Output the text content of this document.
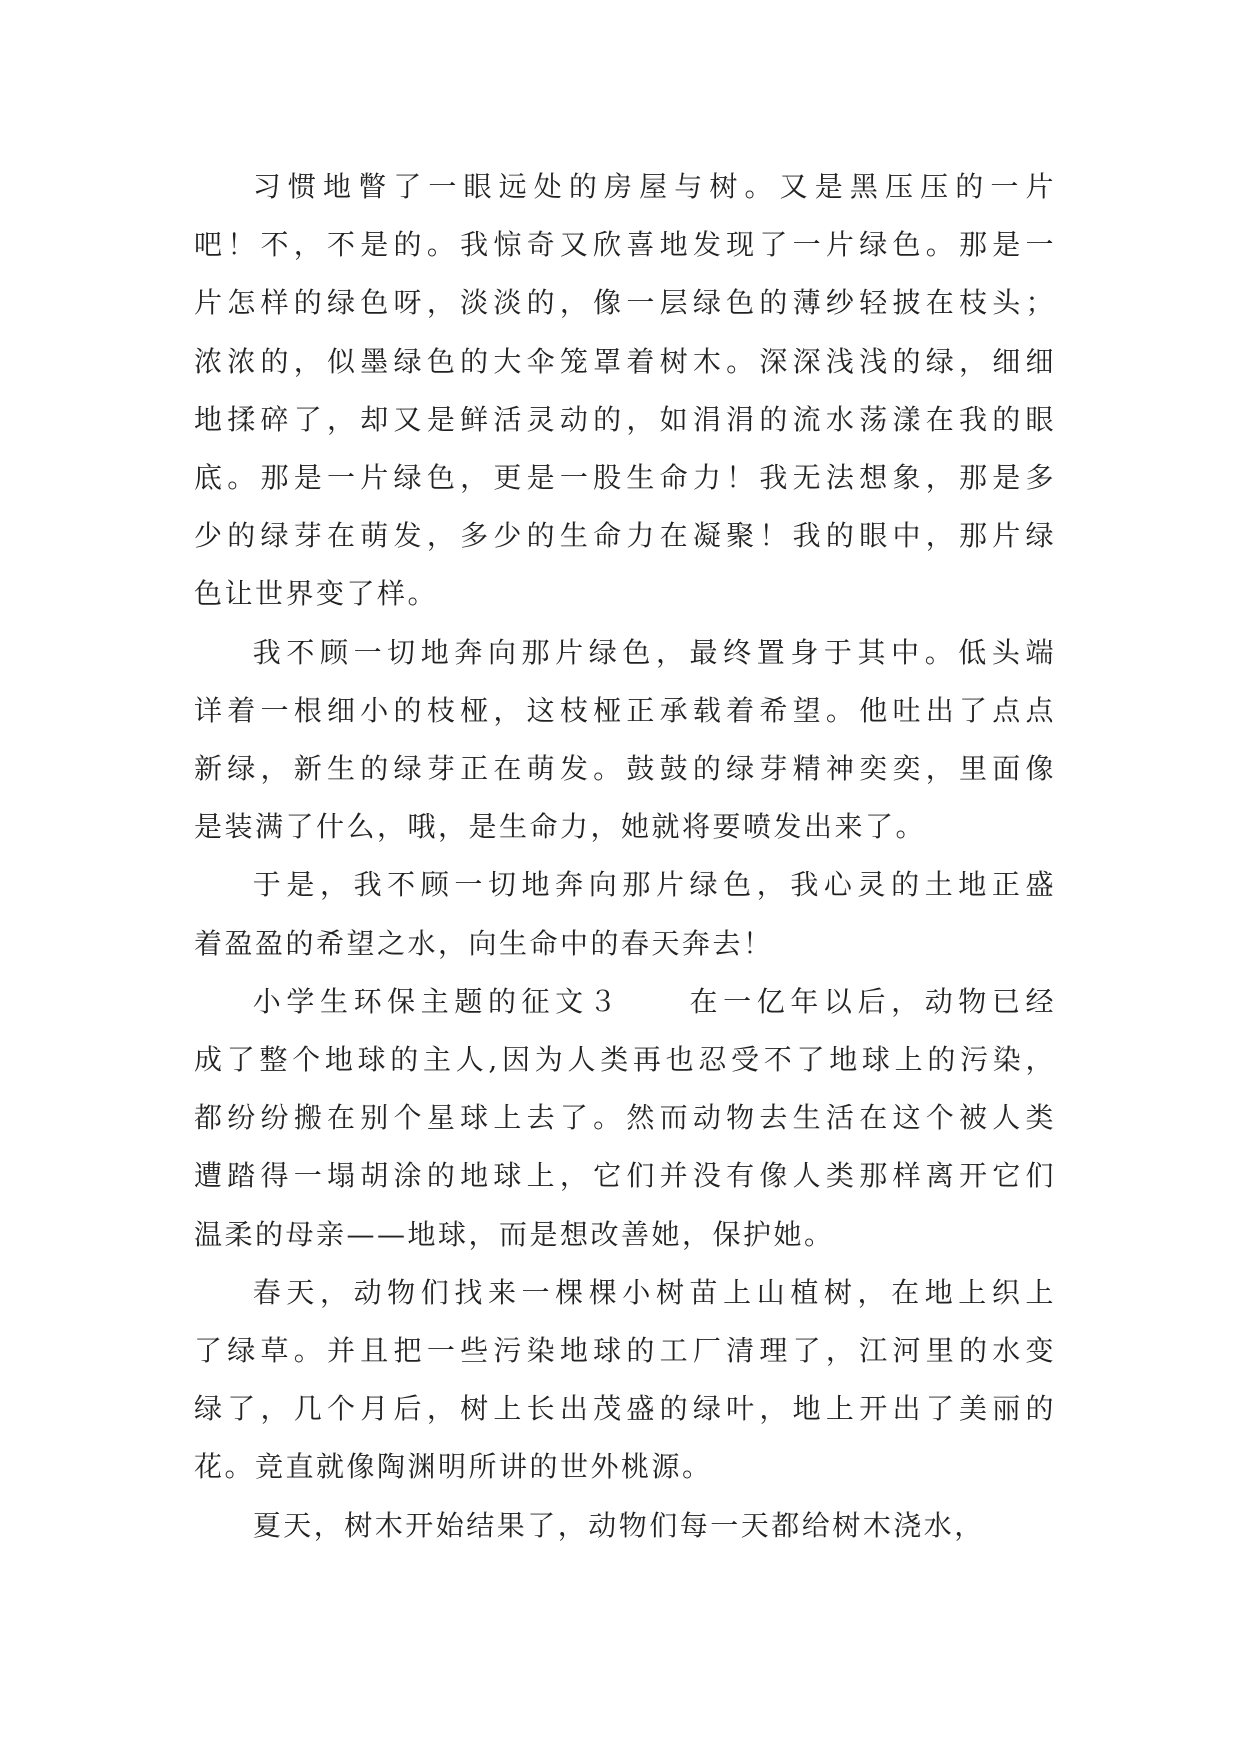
习惯地瞥了一眼远处的房屋与树。又是黑压压的一片
吧！不，不是的。我惊奇又欣喜地发现了一片绿色。那是一
片怎样的绿色呀，淡淡的，像一层绿色的薄纱轻披在枝头；
浓浓的，似墨绿色的大伞笼罩着树木。深深浅浅的绿，细细
地揉碎了，却又是鲜活灵动的，如涓涓的流水荡漾在我的眼
底。那是一片绿色，更是一股生命力！我无法想象，那是多
少的绿芽在萌发，多少的生命力在凝聚！我的眼中，那片绿
色让世界变了样。

我不顾一切地奔向那片绿色，最终置身于其中。低头端
详着一根细小的枝桠，这枝桠正承载着希望。他吐出了点点
新绿，新生的绿芽正在萌发。鼓鼓的绿芽精神奕奕，里面像
是装满了什么，哦，是生命力，她就将要喷发出来了。

于是，我不顾一切地奔向那片绿色，我心灵的土地正盛
着盈盈的希望之水，向生命中的春天奔去！

小学生环保主题的征文３　　在一亿年以后，动物已经
成了整个地球的主人,因为人类再也忍受不了地球上的污染，
都纷纷搬在别个星球上去了。然而动物去生活在这个被人类
遭踏得一塌胡涂的地球上，它们并没有像人类那样离开它们
温柔的母亲——地球，而是想改善她，保护她。

春天，动物们找来一棵棵小树苗上山植树，在地上织上
了绿草。并且把一些污染地球的工厂清理了，江河里的水变
绿了，几个月后，树上长出茂盛的绿叶，地上开出了美丽的
花。竞直就像陶渊明所讲的世外桃源。

夏天，树木开始结果了，动物们每一天都给树木浇水，
